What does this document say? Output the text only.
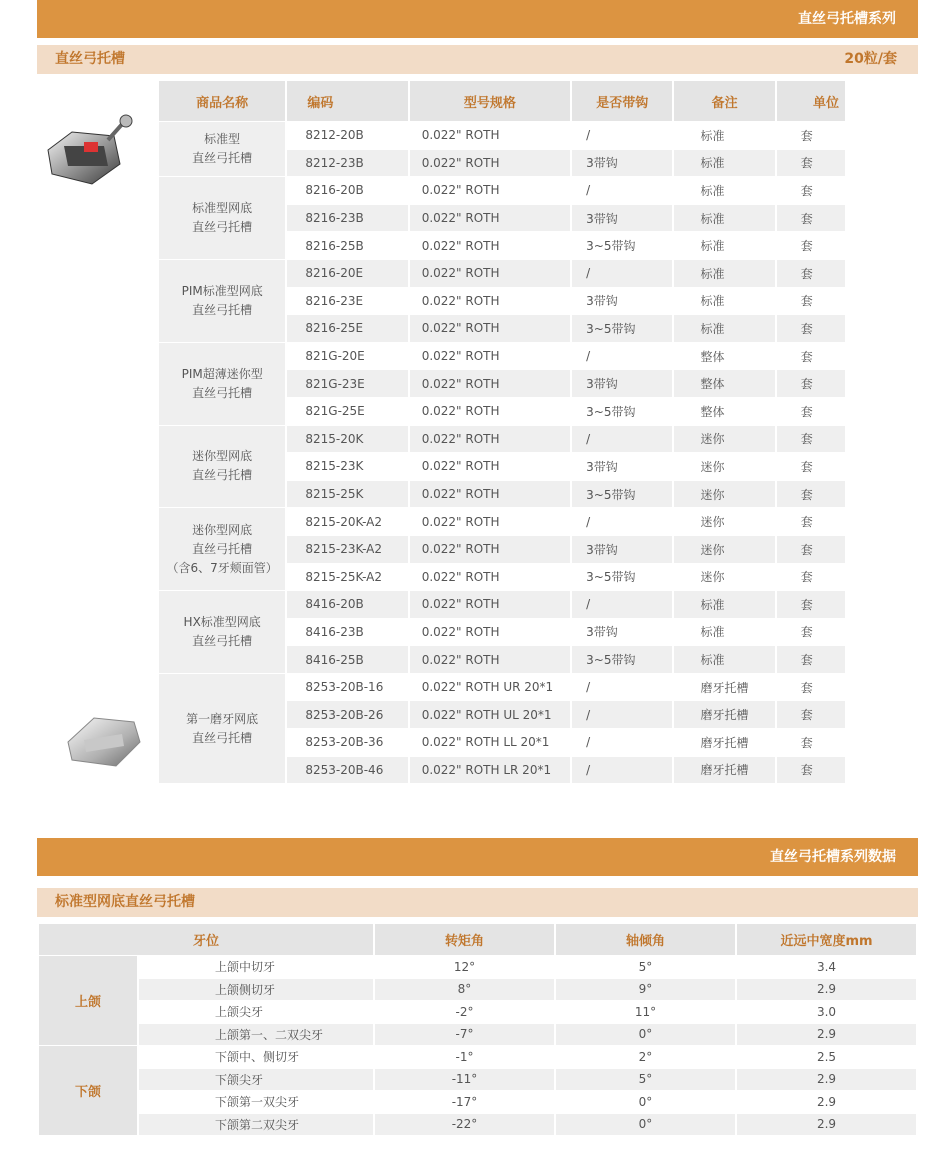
直丝弓托槽系列
直丝弓托槽	20粒/套
商品名称	编码	型号规格	是否带钩	备注	单位

标准型
直丝弓托槽	8212-20B	0.022" ROTH	/	标准	套
	8212-23B	0.022" ROTH	3带钩	标准	套

标准型网底
直丝弓托槽	8216-20B	0.022" ROTH	/	标准	套
	8216-23B	0.022" ROTH	3带钩	标准	套
	8216-25B	0.022" ROTH	3~5带钩	标准	套

PIM标准型网底
直丝弓托槽	8216-20E	0.022" ROTH	/	标准	套
	8216-23E	0.022" ROTH	3带钩	标准	套
	8216-25E	0.022" ROTH	3~5带钩	标准	套

PIM超薄迷你型
直丝弓托槽	821G-20E	0.022" ROTH	/	整体	套
	821G-23E	0.022" ROTH	3带钩	整体	套
	821G-25E	0.022" ROTH	3~5带钩	整体	套

迷你型网底
直丝弓托槽	8215-20K	0.022" ROTH	/	迷你	套
	8215-23K	0.022" ROTH	3带钩	迷你	套
	8215-25K	0.022" ROTH	3~5带钩	迷你	套

迷你型网底
直丝弓托槽
（含6、7牙颊面管）	8215-20K-A2	0.022" ROTH	/	迷你	套
	8215-23K-A2	0.022" ROTH	3带钩	迷你	套
	8215-25K-A2	0.022" ROTH	3~5带钩	迷你	套

HX标准型网底
直丝弓托槽	8416-20B	0.022" ROTH	/	标准	套
	8416-23B	0.022" ROTH	3带钩	标准	套
	8416-25B	0.022" ROTH	3~5带钩	标准	套

第一磨牙网底
直丝弓托槽	8253-20B-16	0.022" ROTH UR 20*1	/	磨牙托槽	套
	8253-20B-26	0.022" ROTH UL 20*1	/	磨牙托槽	套
	8253-20B-36	0.022" ROTH LL 20*1	/	磨牙托槽	套
	8253-20B-46	0.022" ROTH LR 20*1	/	磨牙托槽	套
直丝弓托槽系列数据
标准型网底直丝弓托槽
牙位		转矩角	轴倾角	近远中宽度mm
上颌	上颌中切牙	12°	5°	3.4
	上颌侧切牙	8°	9°	2.9
	上颌尖牙	-2°	11°	3.0
	上颌第一、二双尖牙	-7°	0°	2.9
下颌	下颌中、侧切牙	-1°	2°	2.5
	下颌尖牙	-11°	5°	2.9
	下颌第一双尖牙	-17°	0°	2.9
	下颌第二双尖牙	-22°	0°	2.9
